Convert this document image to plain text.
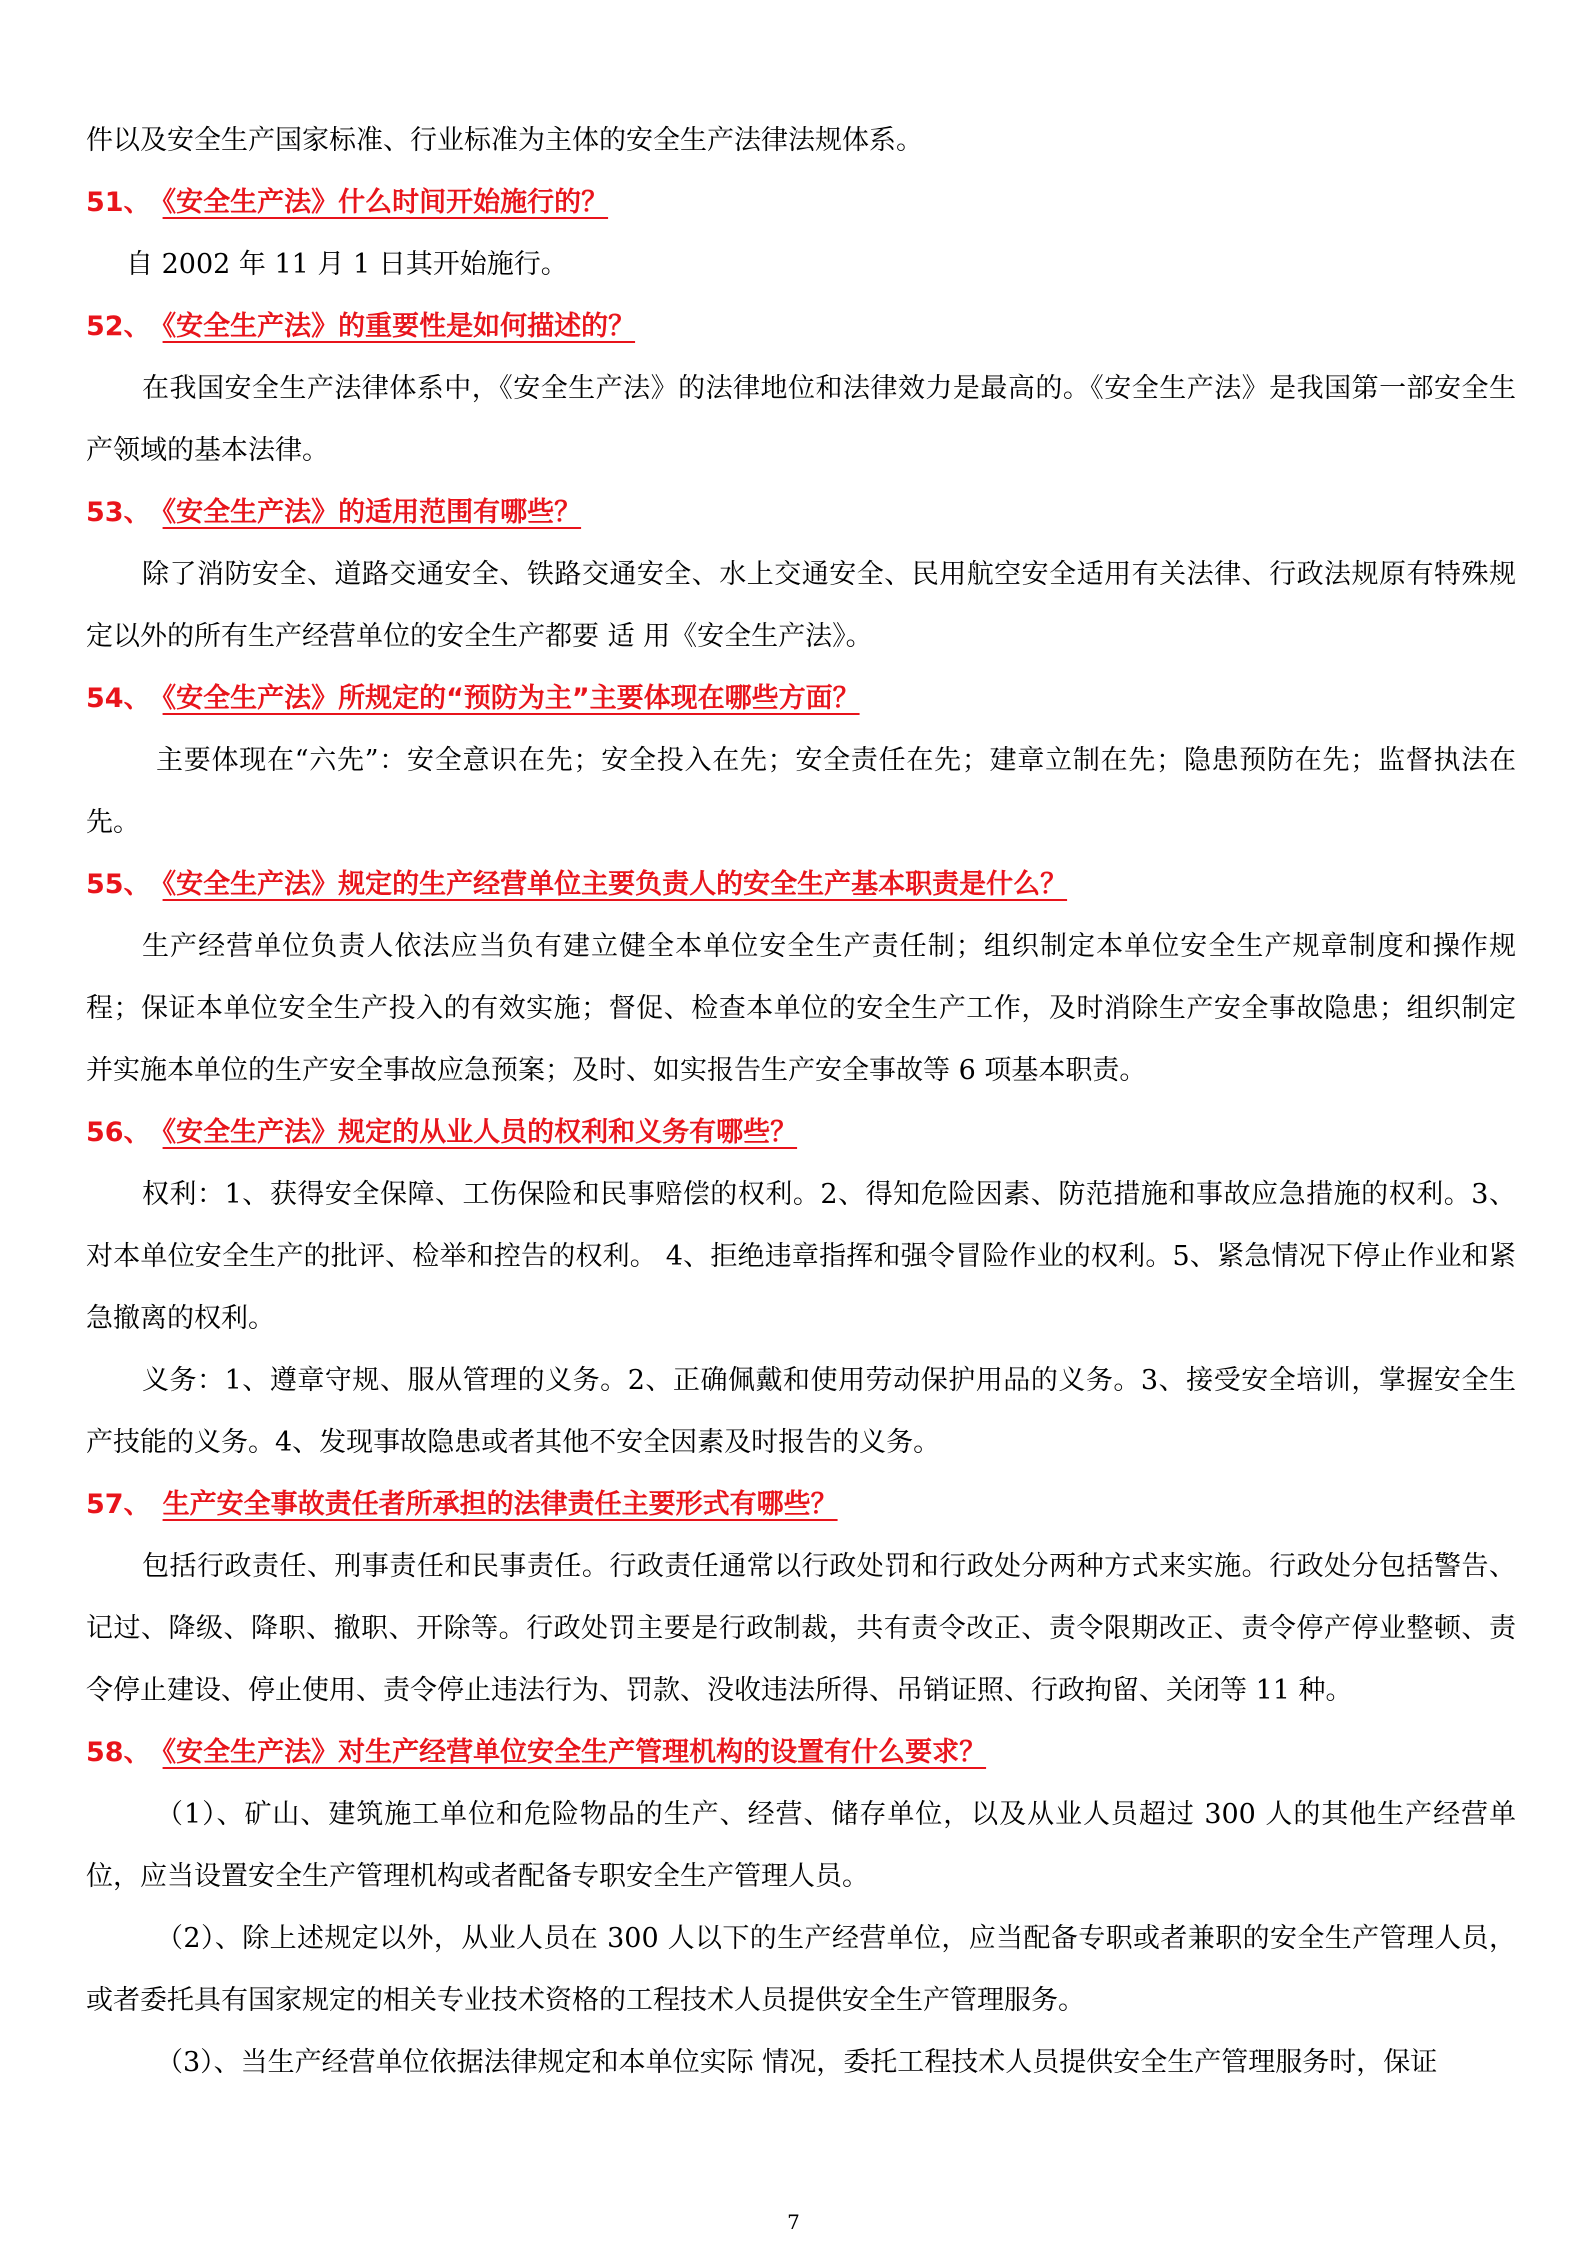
件以及安全生产国家标准、行业标准为主体的安全生产法律法规体系。

51、 《安全生产法》什么时间开始施行的？

自 2002 年 11 月 1 日其开始施行。

52、 《安全生产法》的重要性是如何描述的？

在我国安全生产法律体系中，《安全生产法》的法律地位和法律效力是最高的。《安全生产法》是我国第一部安全生产领域的基本法律。

53、 《安全生产法》的适用范围有哪些？

除了消防安全、道路交通安全、铁路交通安全、水上交通安全、民用航空安全适用有关法律、行政法规原有特殊规定以外的所有生产经营单位的安全生产都要 适 用《安全生产法》。

54、 《安全生产法》所规定的“预防为主”主要体现在哪些方面？

主要体现在“六先”：安全意识在先；安全投入在先；安全责任在先；建章立制在先；隐患预防在先；监督执法在先。

55、 《安全生产法》规定的生产经营单位主要负责人的安全生产基本职责是什么？

生产经营单位负责人依法应当负有建立健全本单位安全生产责任制；组织制定本单位安全生产规章制度和操作规程；保证本单位安全生产投入的有效实施；督促、检查本单位的安全生产工作，及时消除生产安全事故隐患；组织制定并实施本单位的生产安全事故应急预案；及时、如实报告生产安全事故等 6 项基本职责。

56、 《安全生产法》规定的从业人员的权利和义务有哪些？

权利：1、获得安全保障、工伤保险和民事赔偿的权利。2、得知危险因素、防范措施和事故应急措施的权利。3、对本单位安全生产的批评、检举和控告的权利。 4、拒绝违章指挥和强令冒险作业的权利。5、紧急情况下停止作业和紧急撤离的权利。

义务：1、遵章守规、服从管理的义务。2、正确佩戴和使用劳动保护用品的义务。3、接受安全培训，掌握安全生产技能的义务。4、发现事故隐患或者其他不安全因素及时报告的义务。

57、 生产安全事故责任者所承担的法律责任主要形式有哪些？

包括行政责任、刑事责任和民事责任。行政责任通常以行政处罚和行政处分两种方式来实施。行政处分包括警告、记过、降级、降职、撤职、开除等。行政处罚主要是行政制裁，共有责令改正、责令限期改正、责令停产停业整顿、责令停止建设、停止使用、责令停止违法行为、罚款、没收违法所得、吊销证照、行政拘留、关闭等 11 种。

58、 《安全生产法》对生产经营单位安全生产管理机构的设置有什么要求？

（1）、矿山、建筑施工单位和危险物品的生产、经营、储存单位，以及从业人员超过 300 人的其他生产经营单位，应当设置安全生产管理机构或者配备专职安全生产管理人员。

（2）、除上述规定以外，从业人员在 300 人以下的生产经营单位，应当配备专职或者兼职的安全生产管理人员，或者委托具有国家规定的相关专业技术资格的工程技术人员提供安全生产管理服务。

（3）、当生产经营单位依据法律规定和本单位实际 情况，委托工程技术人员提供安全生产管理服务时，保证

7
